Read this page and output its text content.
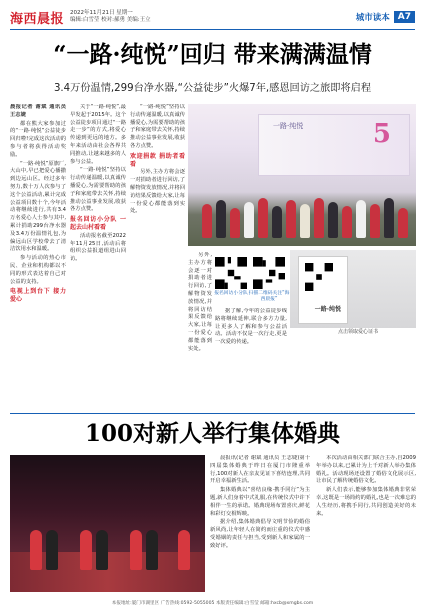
海西晨报 2022年11月21日 星期一
编辑:白雪莹 校对:郝勇 美编:王立	城市读本 A7
“一路·纯悦”回归 带来满满温情
3.4万份温情,299台净水器,“公益徒步”火爆7年,感恩回访之旅即将启程

晨报记者 谢斌 通讯员 王志婕

都在熊大家参加过的“一路·纯悦”公益徒步回归啦!完成这次活动的参与者将获得活动奖励。

“一路·纯悦”原旗厂,大山中,早已把爱心播撒到边远山区。经过多年努力,数十万人次参与了这个公益活动,累计完成公益项目数十个,今年活动将继续进行,共有3.4万名爱心人士参与其中,累计捐助299台净水器及3.4万份温情礼包,为偏远山区学校带去了清洁饮用水和温暖。

参与活动的热心市民、企业和机构都以不同的形式表达着自己对公益的支持。

电视上到台下 接力爱心

关于“一路·纯悦”,最早发起于2015年。这个公益徒步项目通过“一路走一步”的方式,将爱心传递到更远的地方。多年来活动由社会各界共同推动,让越来越多的人参与公益。

“一路·纯悦”坚持以行动传递温暖,以真诚传播爱心,为需要帮助的孩子和家庭带去关怀,持续推动公益事业发展,收获各方点赞。

报名回访小分队 一起去山村看看

活动报名截至2022年11月25日,活动后将组织公益报道组进山回访。

“一路·纯悦”坚持以行动传递温暖,以真诚传播爱心,为需要帮助的孩子和家庭带去关怀,持续推动公益事业发展,收获各方点赞。

欢迎捐款 捐助者看看

另外,主办方将会逐一对捐助者进行回访,了解物资发放情况,并将回访结果反馈给大家,让每一份爱心都能落到实处。

另外,主办方将会逐一对捐助者进行回访,了解物资发放情况,并将回访结果反馈给大家,让每一份爱心都能落到实处。

据了解,今年的公益徒步线路将继续延伸,联合多方力量,让更多人了解和参与公益活动。活动不仅是一次行走,更是一次爱的传递。

一路·纯悦	5
报名回访小分队 扫描二维码关注“海西晨报”
一路·纯悦
点击领取爱心证书
100对新人举行集体婚典

晨报讯(记者 谢斌 通讯员 王志婕)第十四届集体婚典于昨日在厦门市隆重举行,100对新人在亲友见证下喜结连理,共同开启幸福新生活。

集体婚典以“喜结良缘·携手同行”为主题,新人们身着中式礼服,在传统仪式中许下相伴一生的承诺。婚典现场布置喜庆,鲜花和彩灯交相辉映。

据介绍,集体婚典倡导文明节俭的婚俗新风尚,让年轻人在简约而庄重的仪式中感受婚姻的责任与担当,受到新人和家属的一致好评。

本次活动由相关部门联合主办,自2009年举办以来,已累计为上千对新人举办集体婚礼。活动现场还设置了婚俗文化展示区,让市民了解传统婚俗文化。

新人们表示,能够参加集体婚典非常荣幸,这既是一场简约的婚礼,也是一次难忘的人生经历,将携手同行,共同创造美好的未来。

本报地址:厦门市湖里区 广告热线:0592-5055005 本版责任编辑:白雪莹 邮箱:hxcb@xmgbs.com
